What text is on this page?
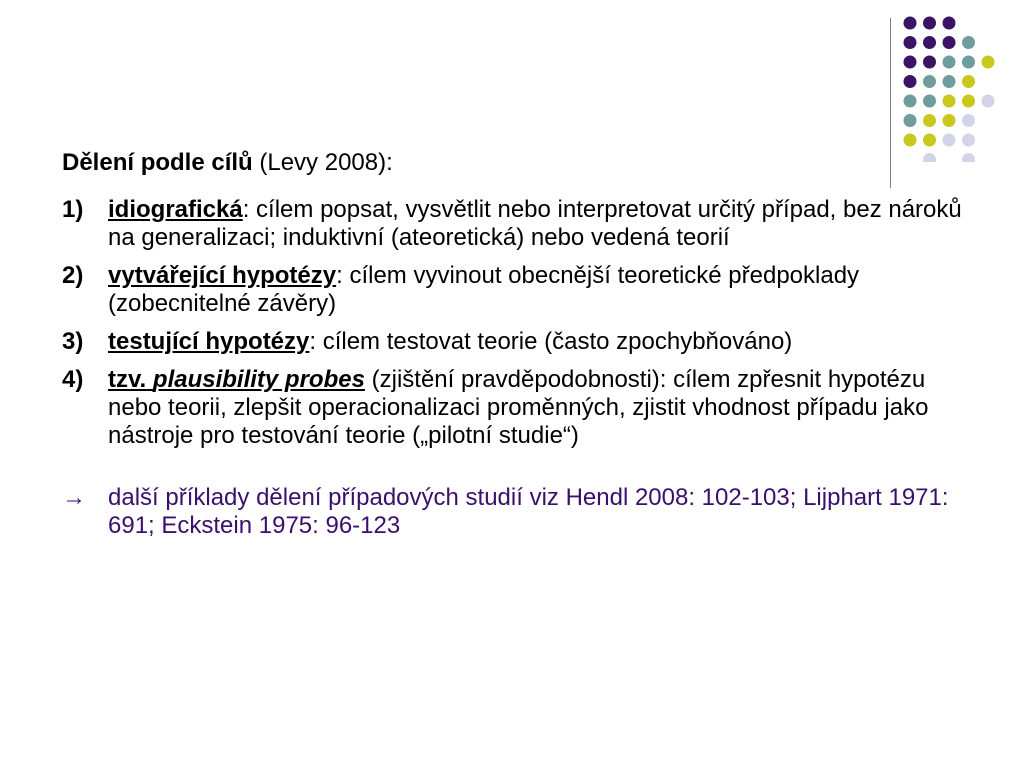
Dělení podle cílů (Levy 2008):

1)	idiografická: cílem popsat, vysvětlit nebo interpretovat určitý případ, bez nároků na generalizaci; induktivní (ateoretická) nebo vedená teorií
2)	vytvářející hypotézy: cílem vyvinout obecnější teoretické předpoklady (zobecnitelné závěry)
3)	testující hypotézy: cílem testovat teorie (často zpochybňováno)
4)	tzv. plausibility probes (zjištění pravděpodobnosti): cílem zpřesnit hypotézu nebo teorii, zlepšit operacionalizaci proměnných, zjistit vhodnost případu jako nástroje pro testování teorie („pilotní studie“)
→ další příklady dělení případových studií viz Hendl 2008: 102-103; Lijphart 1971: 691; Eckstein 1975: 96-123
